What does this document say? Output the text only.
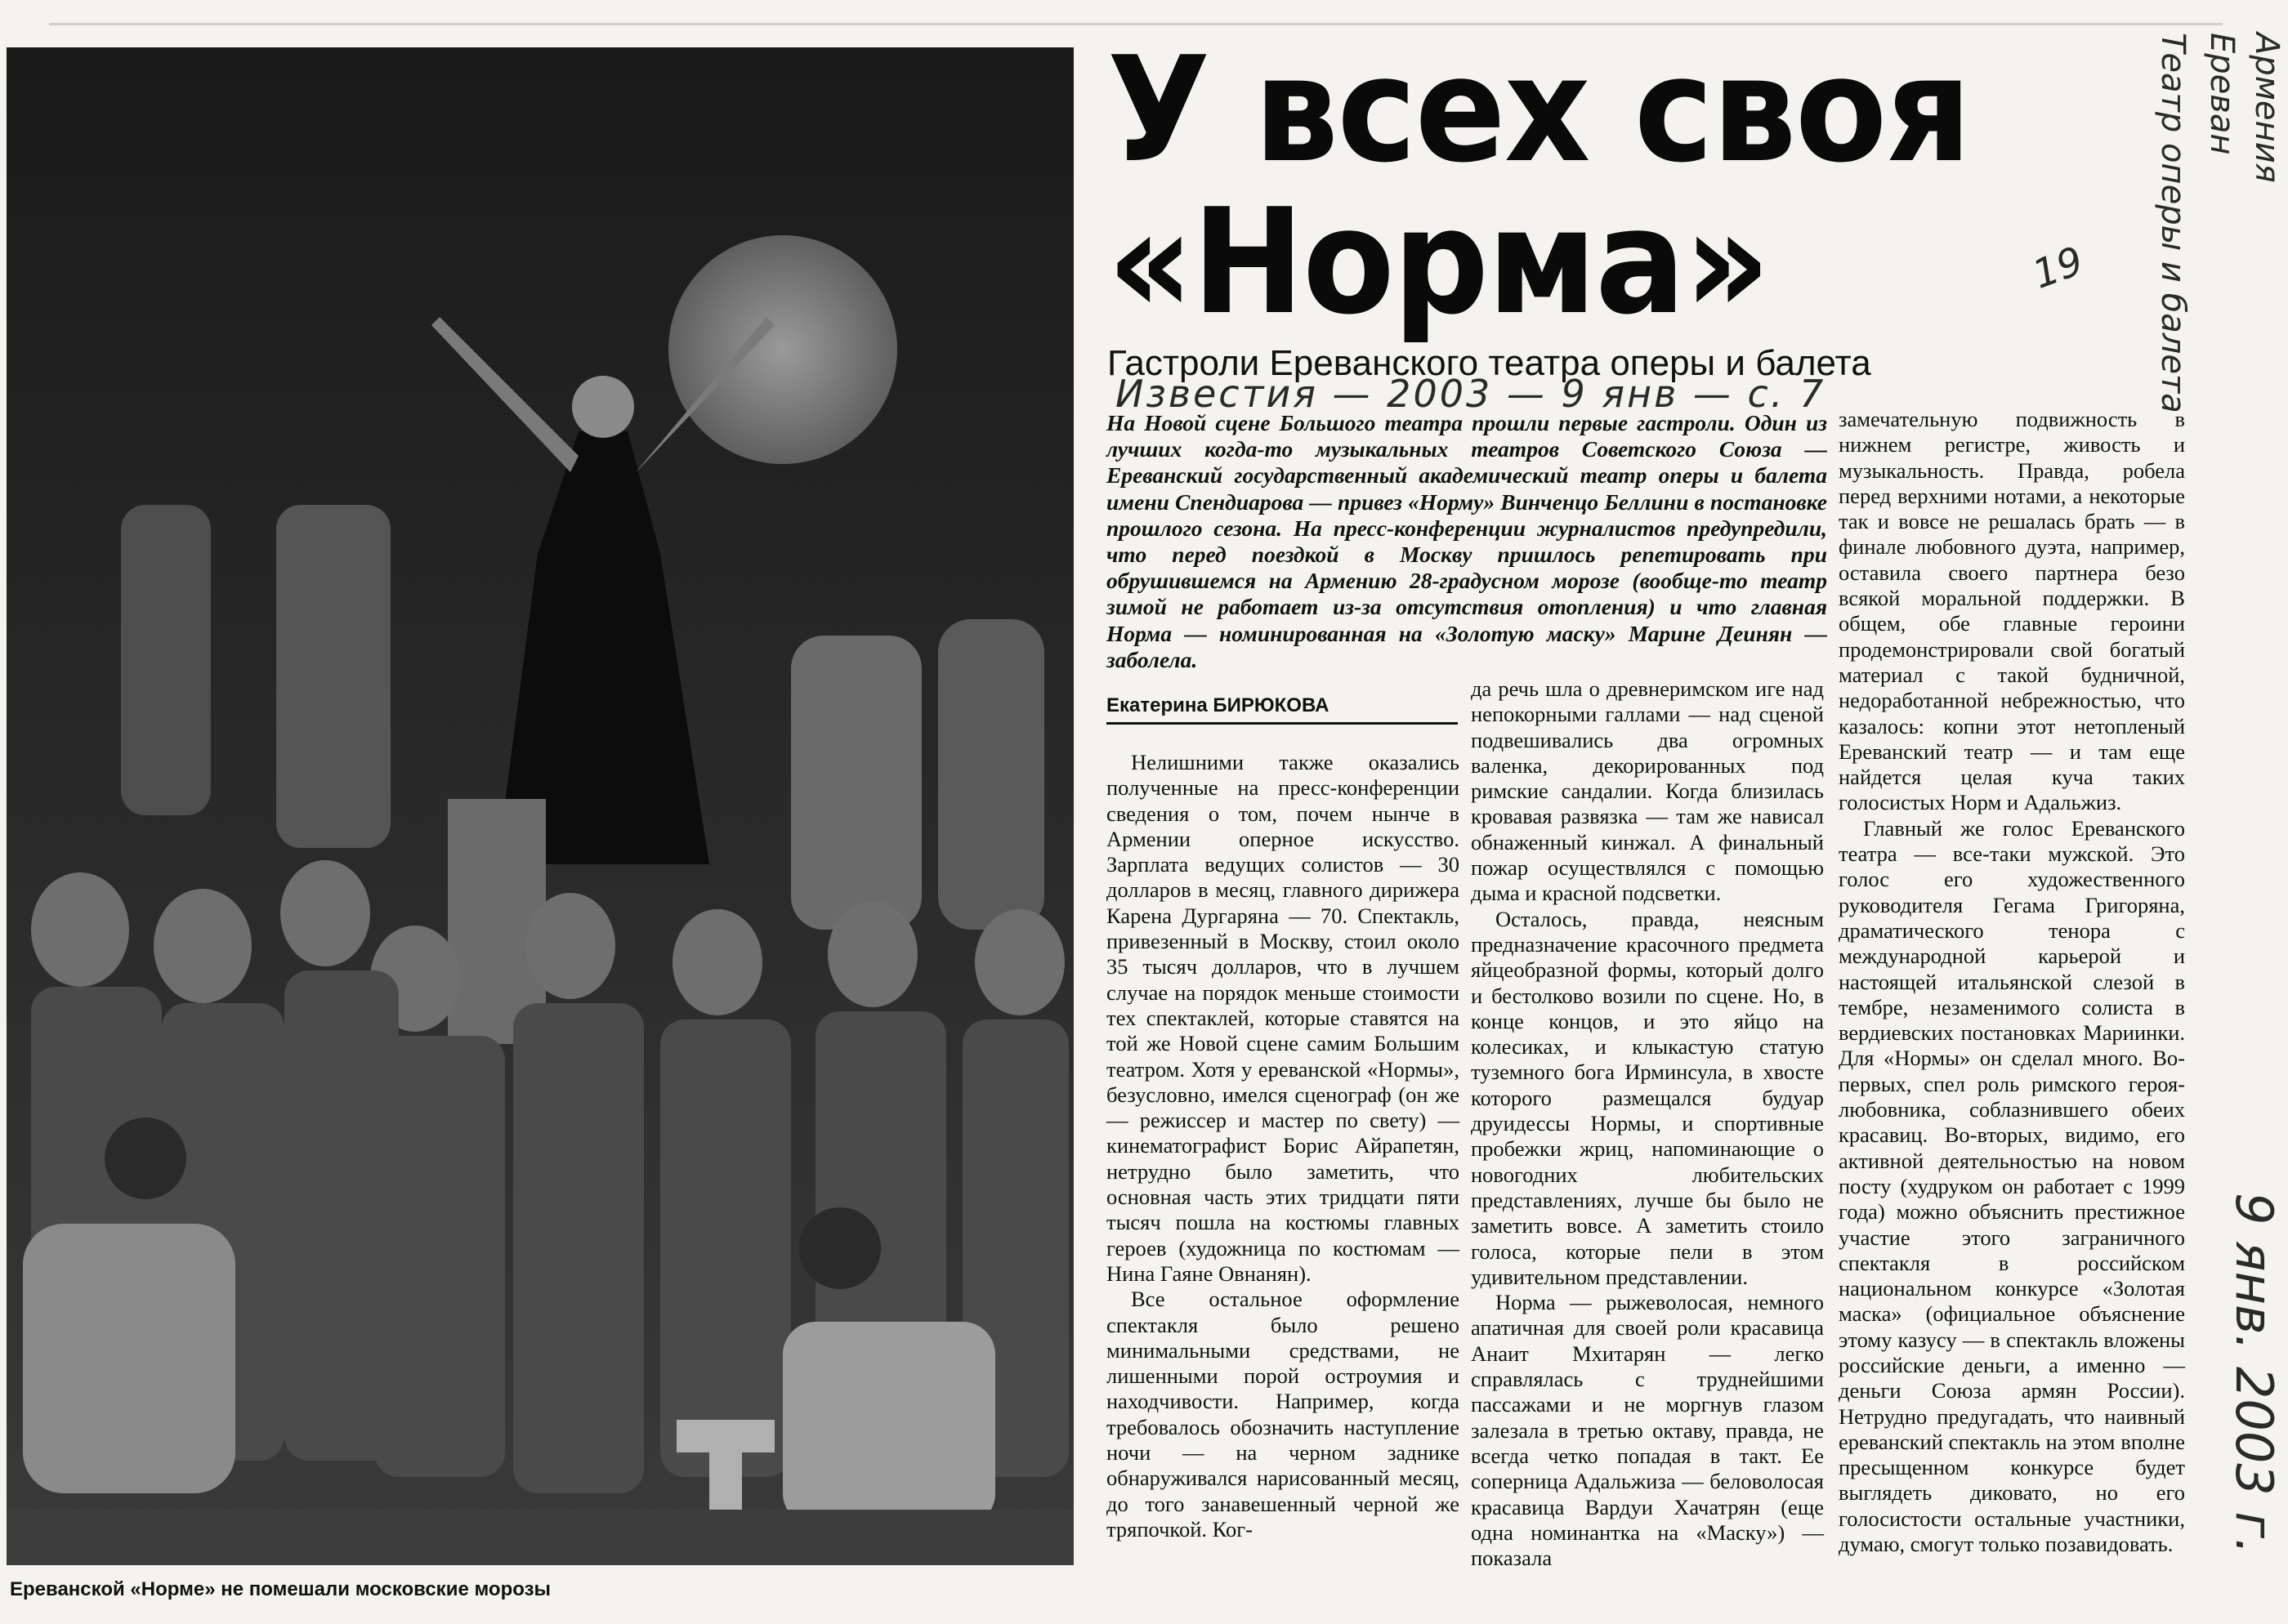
Ереванской «Норме» не помешали московские морозы
У всех своя
«Норма»
Гастроли Ереванского театра оперы и балета
Известия — 2003 — 9 янв — с. 7
Армения
Ереван
Театр оперы и балета
9 янв. 2003 г.
19
На Новой сцене Большого театра прошли первые гастроли. Один из лучших когда-то музыкальных театров Советского Союза — Ереванский государственный академический театр оперы и балета имени Спендиарова — привез «Норму» Винченцо Беллини в постановке прошлого сезона. На пресс-конференции журналистов предупредили, что перед поездкой в Москву пришлось репетировать при обрушившемся на Армению 28-градусном морозе (вообще-то театр зимой не работает из-за отсутствия отопления) и что главная Норма — номинированная на «Золотую маску» Марине Деинян — заболела.
Екатерина БИРЮКОВА

Нелишними также оказались полученные на пресс-конференции сведения о том, почем нынче в Армении оперное искусство. Зарплата ведущих солистов — 30 долларов в месяц, главного дирижера Карена Дургаряна — 70. Спектакль, привезенный в Москву, стоил около 35 тысяч долларов, что в лучшем случае на порядок меньше стоимости тех спектаклей, которые ставятся на той же Новой сцене самим Большим театром. Хотя у ереванской «Нормы», безусловно, имелся сценограф (он же — режиссер и мастер по свету) — кинематографист Борис Айрапетян, нетрудно было заметить, что основная часть этих тридцати пяти тысяч пошла на костюмы главных героев (художница по костюмам — Нина Гаяне Овнанян).

Все остальное оформление спектакля было решено минимальными средствами, не лишенными порой остроумия и находчивости. Например, когда требовалось обозначить наступление ночи — на черном заднике обнаруживался нарисованный месяц, до того занавешенный черной же тряпочкой. Ког-

да речь шла о древнеримском иге над непокорными галлами — над сценой подвешивались два огромных валенка, декорированных под римские сандалии. Когда близилась кровавая развязка — там же нависал обнаженный кинжал. А финальный пожар осуществлялся с помощью дыма и красной подсветки.

Осталось, правда, неясным предназначение красочного предмета яйцеобразной формы, который долго и бестолково возили по сцене. Но, в конце концов, и это яйцо на колесиках, и клыкастую статую туземного бога Ирминсула, в хвосте которого размещался будуар друидессы Нормы, и спортивные пробежки жриц, напоминающие о новогодних любительских представлениях, лучше бы было не заметить вовсе. А заметить стоило голоса, которые пели в этом удивительном представлении.

Норма — рыжеволосая, немного апатичная для своей роли красавица Анаит Мхитарян — легко справлялась с труднейшими пассажами и не моргнув глазом залезала в третью октаву, правда, не всегда четко попадая в такт. Ее соперница Адальжиза — беловолосая красавица Вардуи Хачатрян (еще одна номинантка на «Маску») — показала

замечательную подвижность в нижнем регистре, живость и музыкальность. Правда, робела перед верхними нотами, а некоторые так и вовсе не решалась брать — в финале любовного дуэта, например, оставила своего партнера безо всякой моральной поддержки. В общем, обе главные героини продемонстрировали свой богатый материал с такой будничной, недоработанной небрежностью, что казалось: копни этот нетопленый Ереванский театр — и там еще найдется целая куча таких голосистых Норм и Адальжиз.

Главный же голос Ереванского театра — все-таки мужской. Это голос его художественного руководителя Гегама Григоряна, драматического тенора с международной карьерой и настоящей итальянской слезой в тембре, незаменимого солиста в вердиевских постановках Мариинки. Для «Нормы» он сделал много. Во-первых, спел роль римского героя-любовника, соблазнившего обеих красавиц. Во-вторых, видимо, его активной деятельностью на новом посту (худруком он работает с 1999 года) можно объяснить престижное участие этого заграничного спектакля в российском национальном конкурсе «Золотая маска» (официальное объяснение этому казусу — в спектакль вложены российские деньги, а именно — деньги Союза армян России). Нетрудно предугадать, что наивный ереванский спектакль на этом вполне пресыщенном конкурсе будет выглядеть диковато, но его голосистости остальные участники, думаю, смогут только позавидовать.
